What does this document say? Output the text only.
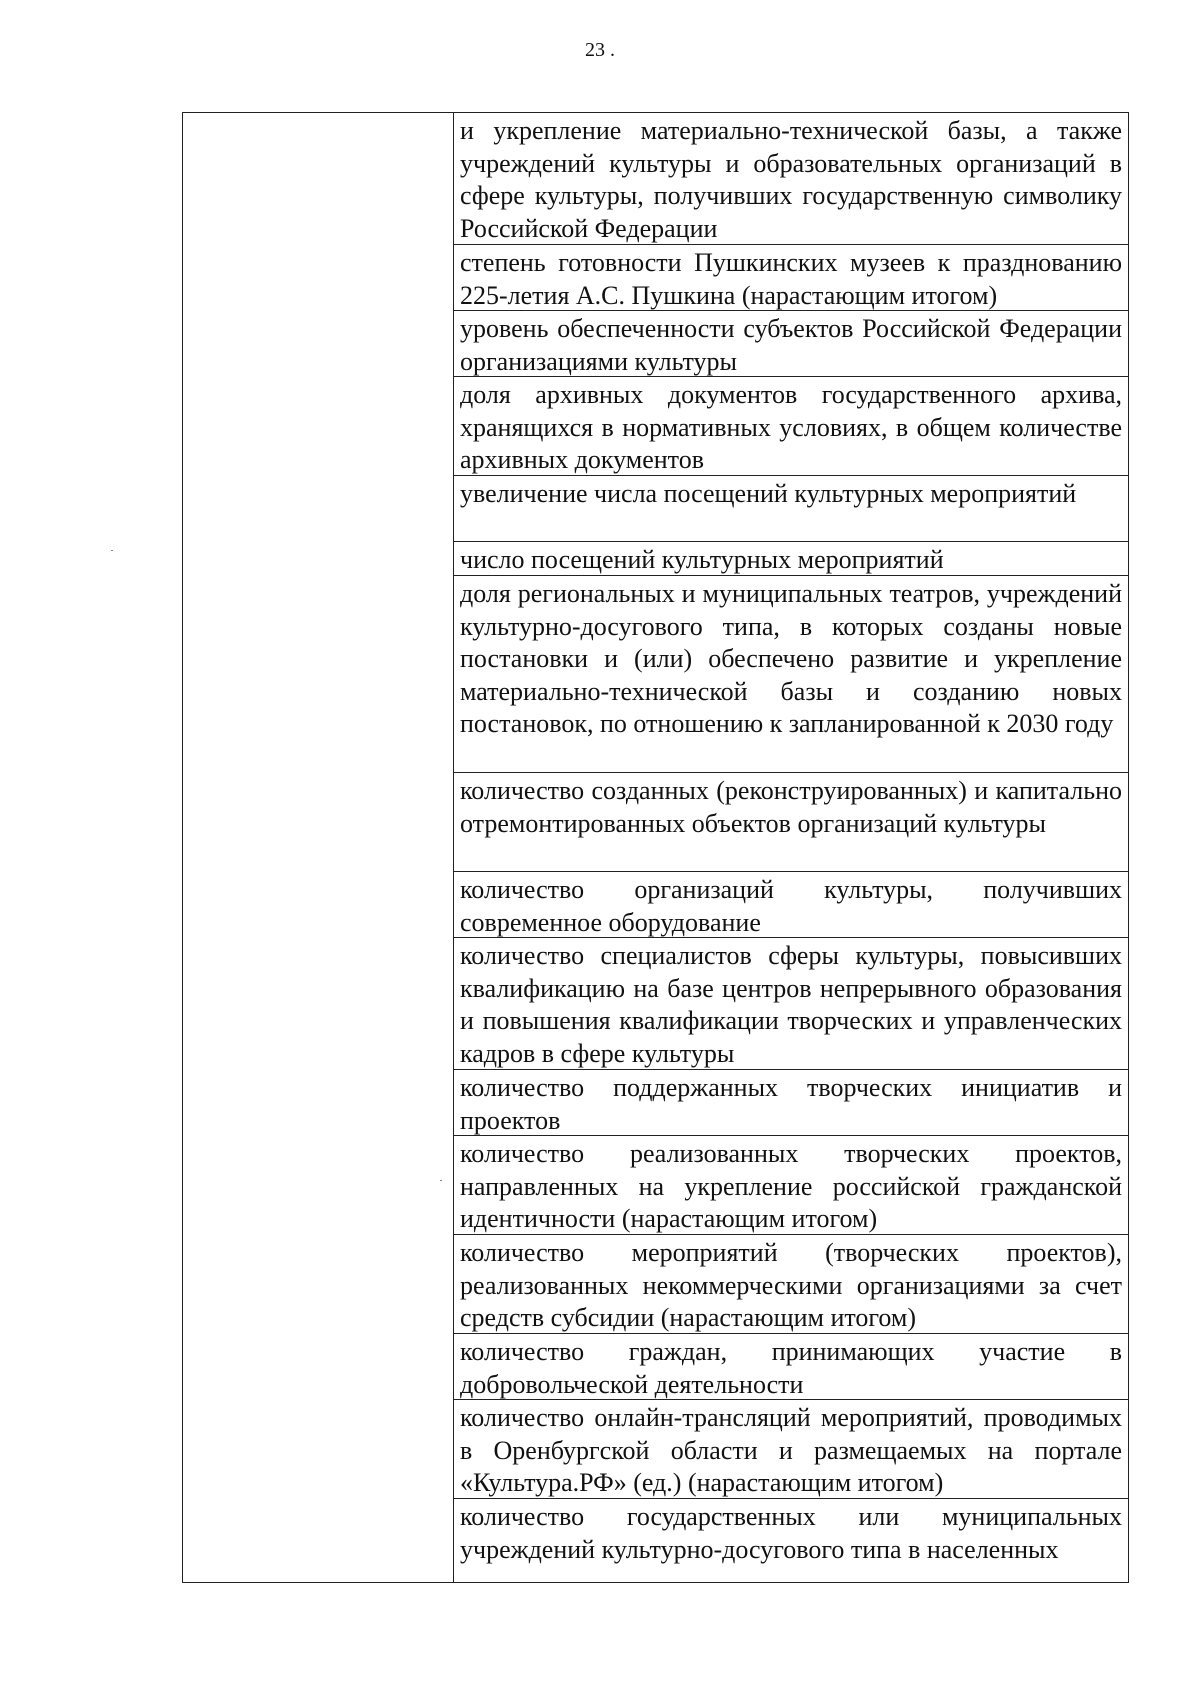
23 .
и укрепление материально-технической базы, а также учреждений культуры и образовательных организаций в сфере культуры, получивших государственную символику Российской Федерации
степень готовности Пушкинских музеев к празднованию 225-летия А.С. Пушкина (нарастающим итогом)
уровень обеспеченности субъектов Российской Федерации организациями культуры
доля архивных документов государственного архива, хранящихся в нормативных условиях, в общем количестве архивных документов
увеличение числа посещений культурных мероприятий
число посещений культурных мероприятий
доля региональных и муниципальных театров, учреждений культурно-досугового типа, в которых созданы новые постановки и (или) обеспечено развитие и укрепление материально-технической базы и созданию новых постановок, по отношению к запланированной к 2030 году
количество созданных (реконструированных) и капитально отремонтированных объектов организаций культуры
количество организаций культуры, получивших современное оборудование
количество специалистов сферы культуры, повысивших квалификацию на базе центров непрерывного образования и повышения квалификации творческих и управленческих кадров в сфере культуры
количество поддержанных творческих инициатив и проектов
количество реализованных творческих проектов, направленных на укрепление российской гражданской идентичности (нарастающим итогом)
количество мероприятий (творческих проектов), реализованных некоммерческими организациями за счет средств субсидии (нарастающим итогом)
количество граждан, принимающих участие в добровольческой деятельности
количество онлайн-трансляций мероприятий, проводимых в Оренбургской области и размещаемых на портале «Культура.РФ» (ед.) (нарастающим итогом)
количество государственных или муниципальных учреждений культурно-досугового типа в населенных
